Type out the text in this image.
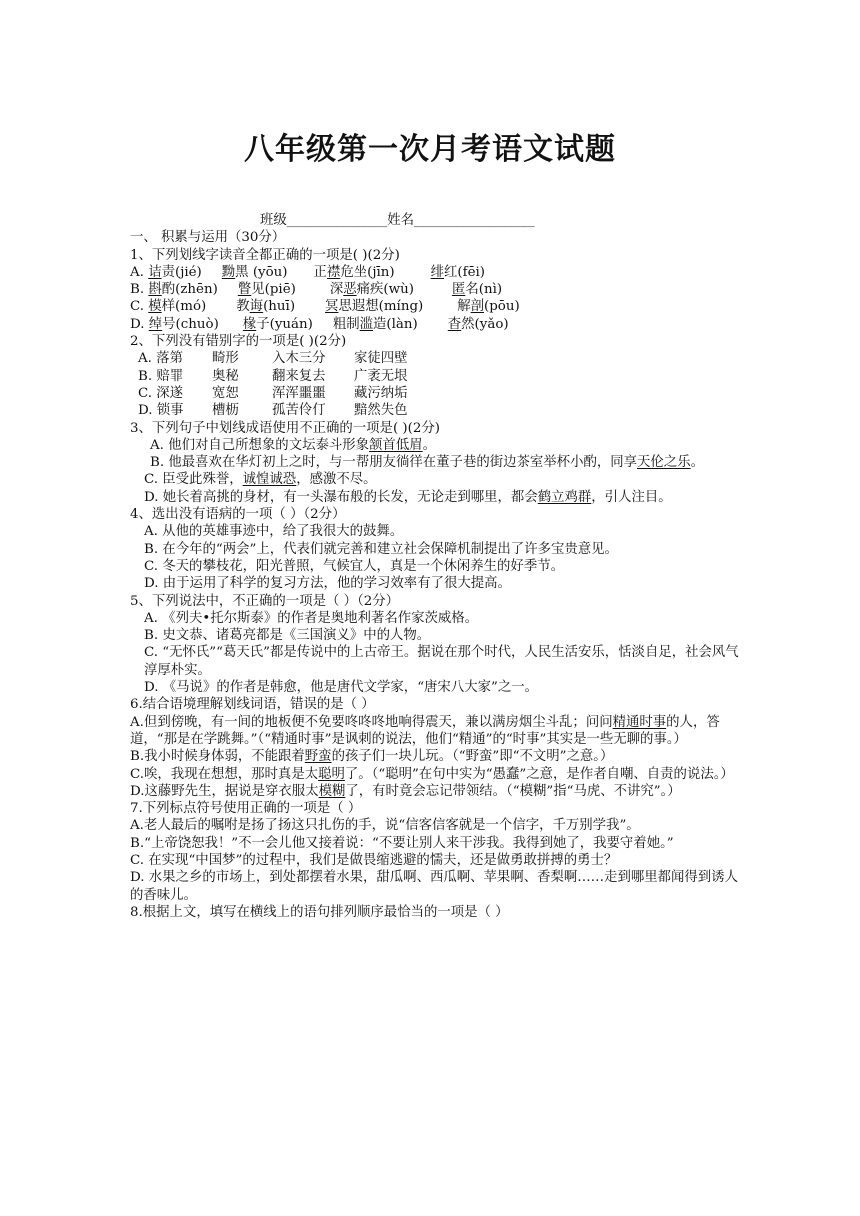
八年级第一次月考语文试题
班级_______________姓名__________________
一、 积累与运用（30分）
1、下列划线字读音全都正确的一项是( )(2分)
A. 诘责(jié) 黝黑 (yōu) 正襟危坐(jīn)	绯红(fēi)
B. 斟酌(zhēn) 瞥见(piē)	深恶痛疾(wù)	匿名(nì)
C. 模样(mó) 教诲(huī) 冥思遐想(míng)	解剖(pōu)
D. 绰号(chuò) 椽子(yuán) 粗制滥造(làn) 杳然(yǎo)
2、下列没有错别字的一项是( )(2分)
A. 落第 畸形 入木三分 家徒四壁
B. 赔罪 奥秘 翻来复去 广袤无垠
C. 深遂 宽恕 浑浑噩噩 藏污纳垢
D. 锁事 槽枥 孤苦伶仃 黯然失色
3、下列句子中划线成语使用不正确的一项是( )(2分)
A. 他们对自己所想象的文坛泰斗形象颔首低眉。
B. 他最喜欢在华灯初上之时，与一帮朋友徜徉在董子巷的街边茶室举杯小酌，同享天伦之乐。
C. 臣受此殊誉，诚惶诚恐，感激不尽。
D. 她长着高挑的身材，有一头瀑布般的长发，无论走到哪里，都会鹤立鸡群，引人注目。
4、选出没有语病的一项（ ）（2分）
A. 从他的英雄事迹中，给了我很大的鼓舞。
B. 在今年的“两会”上，代表们就完善和建立社会保障机制提出了许多宝贵意见。
C. 冬天的攀枝花，阳光普照，气候宜人，真是一个休闲养生的好季节。
D. 由于运用了科学的复习方法，他的学习效率有了很大提高。
5、下列说法中，不正确的一项是（ ）（2分）
A. 《列夫•托尔斯泰》的作者是奥地利著名作家茨威格。
B. 史文恭、诸葛亮都是《三国演义》中的人物。
C. “无怀氏”“葛天氏”都是传说中的上古帝王。据说在那个时代，人民生活安乐，恬淡自足，社会风气淳厚朴实。
D. 《马说》的作者是韩愈，他是唐代文学家，“唐宋八大家”之一。
6.结合语境理解划线词语，错误的是（ ）
A.但到傍晚，有一间的地板便不免要咚咚咚地响得震天，兼以满房烟尘斗乱；问问精通时事的人，答道，“那是在学跳舞。”（“精通时事”是讽刺的说法，他们“精通”的“时事”其实是一些无聊的事。）
B.我小时候身体弱，不能跟着野蛮的孩子们一块儿玩。（“野蛮”即“不文明”之意。）
C.唉，我现在想想，那时真是太聪明了。（“聪明”在句中实为“愚蠢”之意，是作者自嘲、自责的说法。）
D.这藤野先生，据说是穿衣服太模糊了，有时竟会忘记带领结。（“模糊”指“马虎、不讲究”。）
7.下列标点符号使用正确的一项是（ ）
A.老人最后的嘱咐是扬了扬这只扎伤的手，说“信客信客就是一个信字，千万别学我”。
B.“上帝饶恕我！”不一会儿他又接着说：“不要让别人来干涉我。我得到她了，我要守着她。”
C. 在实现“中国梦”的过程中，我们是做畏缩逃避的懦夫，还是做勇敢拼搏的勇士？
D. 水果之乡的市场上，到处都摆着水果，甜瓜啊、西瓜啊、苹果啊、香梨啊……走到哪里都闻得到诱人的香味儿。
8.根据上文，填写在横线上的语句排列顺序最恰当的一项是（ ）
